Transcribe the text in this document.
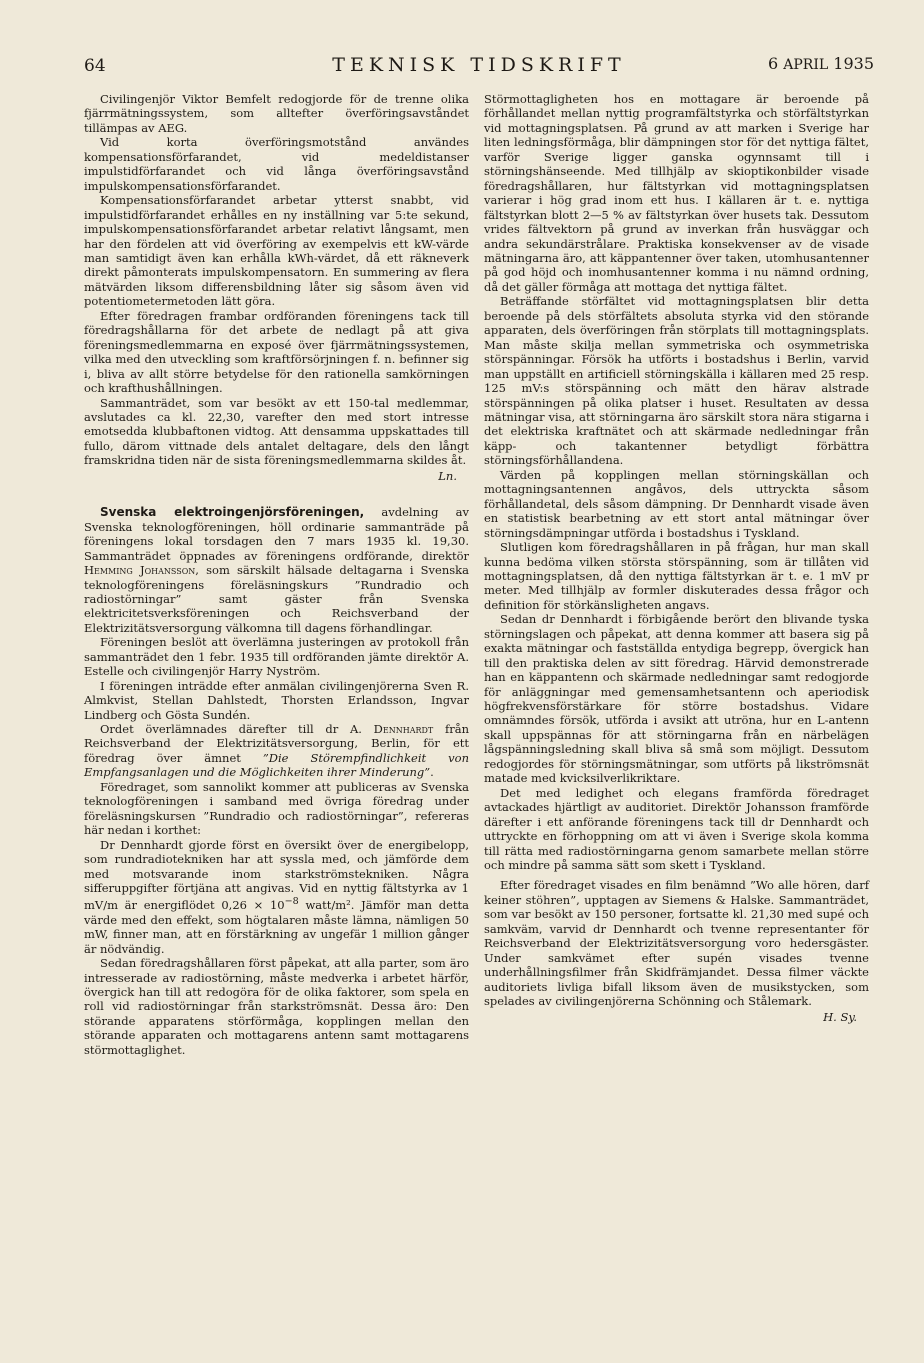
64	TEKNISK TIDSKRIFT	6 APRIL 1935

Civilingenjör Viktor Bemfelt redogjorde för de trenne olika fjärrmätningssystem, som alltefter överföringsavståndet tillämpas av AEG.

Vid korta överföringsmotstånd användes kompensationsförfarandet, vid medeldistanser impulstidförfarandet och vid långa överföringsavstånd impulskompensationsförfarandet.

Kompensationsförfarandet arbetar ytterst snabbt, vid impulstidförfarandet erhålles en ny inställning var 5:te sekund, impulskompensationsförfarandet arbetar relativt långsamt, men har den fördelen att vid överföring av exempelvis ett kW-värde man samtidigt även kan erhålla kWh-värdet, då ett räkneverk direkt påmonterats impulskompensatorn. En summering av flera mätvärden liksom differensbildning låter sig såsom även vid potentiometermetoden lätt göra.

Efter föredragen frambar ordföranden föreningens tack till föredragshållarna för det arbete de nedlagt på att giva föreningsmedlemmarna en exposé över fjärrmätningssystemen, vilka med den utveckling som kraftförsörjningen f. n. befinner sig i, bliva av allt större betydelse för den rationella samkörningen och krafthushållningen.

Sammanträdet, som var besökt av ett 150-tal medlemmar, avslutades ca kl. 22,30, varefter den med stort intresse emotsedda klubbaftonen vidtog. Att densamma uppskattades till fullo, därom vittnade dels antalet deltagare, dels den långt framskridna tiden när de sista föreningsmedlemmarna skildes åt.

Ln.

Svenska elektroingenjörsföreningen, avdelning av Svenska teknologföreningen, höll ordinarie sammanträde på föreningens lokal torsdagen den 7 mars 1935 kl. 19,30. Sammanträdet öppnades av föreningens ordförande, direktör Hemming Johansson, som särskilt hälsade deltagarna i Svenska teknologföreningens föreläsningskurs ”Rundradio och radiostörningar” samt gäster från Svenska elektricitetsverksföreningen och Reichsverband der Elektrizitätsversorgung välkomna till dagens förhandlingar.

Föreningen beslöt att överlämna justeringen av protokoll från sammanträdet den 1 febr. 1935 till ordföranden jämte direktör A. Estelle och civilingenjör Harry Nyström.

I föreningen inträdde efter anmälan civilingenjörerna Sven R. Almkvist, Stellan Dahlstedt, Thorsten Erlandsson, Ingvar Lindberg och Gösta Sundén.

Ordet överlämnades därefter till dr A. Dennhardt från Reichsverband der Elektrizitätsversorgung, Berlin, för ett föredrag över ämnet ”Die Störempfindlichkeit von Empfangsanlagen und die Möglichkeiten ihrer Minderung”.

Föredraget, som sannolikt kommer att publiceras av Svenska teknologföreningen i samband med övriga föredrag under föreläsningskursen ”Rundradio och radiostörningar”, refereras här nedan i korthet:

Dr Dennhardt gjorde först en översikt över de energibelopp, som rundradiotekniken har att syssla med, och jämförde dem med motsvarande inom starkströmstekniken. Några sifferuppgifter förtjäna att angivas. Vid en nyttig fältstyrka av 1 mV/m är energiflödet $0,26 \times 10^{-8}$ watt/m². Jämför man detta värde med den effekt, som högtalaren måste lämna, nämligen 50 mW, finner man, att en förstärkning av ungefär 1 million gånger är nödvändig.

Sedan föredragshållaren först påpekat, att alla parter, som äro intresserade av radiostörning, måste medverka i arbetet härför, övergick han till att redogöra för de olika faktorer, som spela en roll vid radiostörningar från starkströmsnät. Dessa äro: Den störande apparatens störförmåga, kopplingen mellan den störande apparaten och mottagarens antenn samt mottagarens störmottaglighet.

Störmottagligheten hos en mottagare är beroende på förhållandet mellan nyttig programfältstyrka och störfältstyrkan vid mottagningsplatsen. På grund av att marken i Sverige har liten ledningsförmåga, blir dämpningen stor för det nyttiga fältet, varför Sverige ligger ganska ogynnsamt till i störningshänseende. Med tillhjälp av skioptikonbilder visade föredragshållaren, hur fältstyrkan vid mottagningsplatsen varierar i hög grad inom ett hus. I källaren är t. e. nyttiga fältstyrkan blott 2—5 % av fältstyrkan över husets tak. Dessutom vrides fältvektorn på grund av inverkan från husväggar och andra sekundärstrålare. Praktiska konsekvenser av de visade mätningarna äro, att käppantenner över taken, utomhusantenner på god höjd och inomhusantenner komma i nu nämnd ordning, då det gäller förmåga att mottaga det nyttiga fältet.

Beträffande störfältet vid mottagningsplatsen blir detta beroende på dels störfältets absoluta styrka vid den störande apparaten, dels överföringen från störplats till mottagningsplats. Man måste skilja mellan symmetriska och osymmetriska störspänningar. Försök ha utförts i bostadshus i Berlin, varvid man uppställt en artificiell störningskälla i källaren med 25 resp. 125 mV:s störspänning och mätt den härav alstrade störspänningen på olika platser i huset. Resultaten av dessa mätningar visa, att störningarna äro särskilt stora nära stigarna i det elektriska kraftnätet och att skärmade nedledningar från käpp- och takantenner betydligt förbättra störningsförhållandena.

Värden på kopplingen mellan störningskällan och mottagningsantennen angåvos, dels uttryckta såsom förhållandetal, dels såsom dämpning. Dr Dennhardt visade även en statistisk bearbetning av ett stort antal mätningar över störningsdämpningar utförda i bostadshus i Tyskland.

Slutligen kom föredragshållaren in på frågan, hur man skall kunna bedöma vilken största störspänning, som är tillåten vid mottagningsplatsen, då den nyttiga fältstyrkan är t. e. 1 mV pr meter. Med tillhjälp av formler diskuterades dessa frågor och definition för störkänsligheten angavs.

Sedan dr Dennhardt i förbigående berört den blivande tyska störningslagen och påpekat, att denna kommer att basera sig på exakta mätningar och fastställda entydiga begrepp, övergick han till den praktiska delen av sitt föredrag. Härvid demonstrerade han en käppantenn och skärmade nedledningar samt redogjorde för anläggningar med gemensamhetsantenn och aperiodisk högfrekvensförstärkare för större bostadshus. Vidare omnämndes försök, utförda i avsikt att utröna, hur en L-antenn skall uppspännas för att störningarna från en närbelägen lågspänningsledning skall bliva så små som möjligt. Dessutom redogjordes för störningsmätningar, som utförts på likströmsnät matade med kvicksilverlikriktare.

Det med ledighet och elegans framförda föredraget avtackades hjärtligt av auditoriet. Direktör Johansson framförde därefter i ett anförande föreningens tack till dr Dennhardt och uttryckte en förhoppning om att vi även i Sverige skola komma till rätta med radiostörningarna genom samarbete mellan större och mindre på samma sätt som skett i Tyskland.

Efter föredraget visades en film benämnd ”Wo alle hören, darf keiner stöhren”, upptagen av Siemens & Halske. Sammanträdet, som var besökt av 150 personer, fortsatte kl. 21,30 med supé och samkväm, varvid dr Dennhardt och tvenne representanter för Reichsverband der Elektrizitätsversorgung voro hedersgäster. Under samkvämet efter supén visades tvenne underhållningsfilmer från Skidfrämjandet. Dessa filmer väckte auditoriets livliga bifall liksom även de musikstycken, som spelades av civilingenjörerna Schönning och Stålemark.

H. Sy.
